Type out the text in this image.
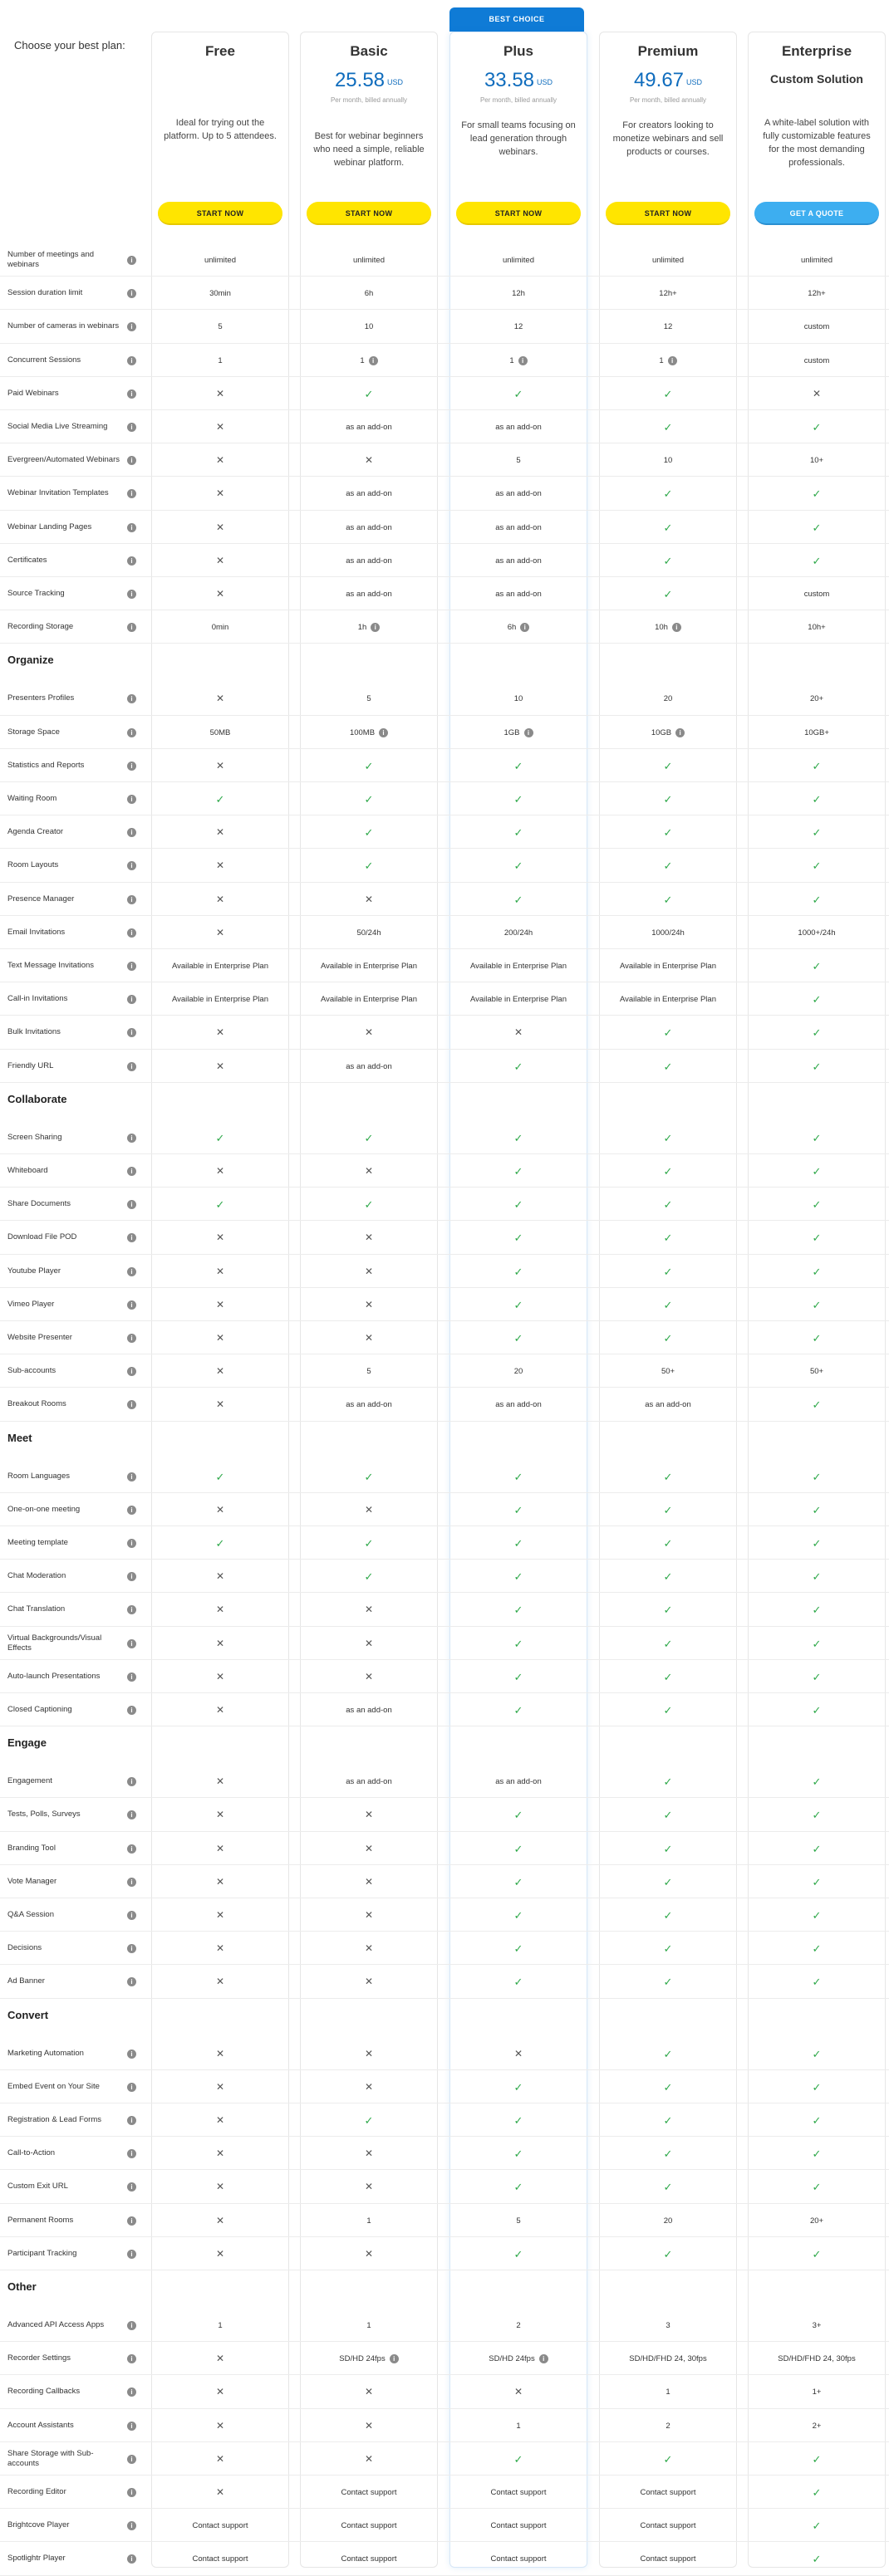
Choose your best plan:
BEST CHOICE
Free
Ideal for trying out the platform. Up to 5 attendees.
START NOW
Basic
25.58 USD
Per month, billed annually
Best for webinar beginners who need a simple, reliable webinar platform.
START NOW
Plus
33.58 USD
Per month, billed annually
For small teams focusing on lead generation through webinars.
START NOW
Premium
49.67 USD
Per month, billed annually
For creators looking to monetize webinars and sell products or courses.
START NOW
Enterprise
Custom Solution
A white-label solution with fully customizable features for the most demanding professionals.
GET A QUOTE
Number of meetings and webinars	i	unlimited	unlimited	unlimited	unlimited	unlimited
Session duration limit	i	30min	6h	12h	12h+	12h+
Number of cameras in webinars	i	5	10	12	12	custom
Concurrent Sessions	i	1	1	i	1	i	1	i	custom
Paid Webinars	i	✕	✓	✓	✓	✕
Social Media Live Streaming	i	✕	as an add-on	as an add-on	✓	✓
Evergreen/Automated Webinars	i	✕	✕	5	10	10+
Webinar Invitation Templates	i	✕	as an add-on	as an add-on	✓	✓
Webinar Landing Pages	i	✕	as an add-on	as an add-on	✓	✓
Certificates	i	✕	as an add-on	as an add-on	✓	✓
Source Tracking	i	✕	as an add-on	as an add-on	✓	custom
Recording Storage	i	0min	1h	i	6h	i	10h	i	10h+
Organize
Presenters Profiles	i	✕	5	10	20	20+
Storage Space	i	50MB	100MB	i	1GB	i	10GB	i	10GB+
Statistics and Reports	i	✕	✓	✓	✓	✓
Waiting Room	i	✓	✓	✓	✓	✓
Agenda Creator	i	✕	✓	✓	✓	✓
Room Layouts	i	✕	✓	✓	✓	✓
Presence Manager	i	✕	✕	✓	✓	✓
Email Invitations	i	✕	50/24h	200/24h	1000/24h	1000+/24h
Text Message Invitations	i	Available in Enterprise Plan	Available in Enterprise Plan	Available in Enterprise Plan	Available in Enterprise Plan	✓
Call-in Invitations	i	Available in Enterprise Plan	Available in Enterprise Plan	Available in Enterprise Plan	Available in Enterprise Plan	✓
Bulk Invitations	i	✕	✕	✕	✓	✓
Friendly URL	i	✕	as an add-on	✓	✓	✓
Collaborate
Screen Sharing	i	✓	✓	✓	✓	✓
Whiteboard	i	✕	✕	✓	✓	✓
Share Documents	i	✓	✓	✓	✓	✓
Download File POD	i	✕	✕	✓	✓	✓
Youtube Player	i	✕	✕	✓	✓	✓
Vimeo Player	i	✕	✕	✓	✓	✓
Website Presenter	i	✕	✕	✓	✓	✓
Sub-accounts	i	✕	5	20	50+	50+
Breakout Rooms	i	✕	as an add-on	as an add-on	as an add-on	✓
Meet
Room Languages	i	✓	✓	✓	✓	✓
One-on-one meeting	i	✕	✕	✓	✓	✓
Meeting template	i	✓	✓	✓	✓	✓
Chat Moderation	i	✕	✓	✓	✓	✓
Chat Translation	i	✕	✕	✓	✓	✓
Virtual Backgrounds/Visual Effects	i	✕	✕	✓	✓	✓
Auto-launch Presentations	i	✕	✕	✓	✓	✓
Closed Captioning	i	✕	as an add-on	✓	✓	✓
Engage
Engagement	i	✕	as an add-on	as an add-on	✓	✓
Tests, Polls, Surveys	i	✕	✕	✓	✓	✓
Branding Tool	i	✕	✕	✓	✓	✓
Vote Manager	i	✕	✕	✓	✓	✓
Q&A Session	i	✕	✕	✓	✓	✓
Decisions	i	✕	✕	✓	✓	✓
Ad Banner	i	✕	✕	✓	✓	✓
Convert
Marketing Automation	i	✕	✕	✕	✓	✓
Embed Event on Your Site	i	✕	✕	✓	✓	✓
Registration & Lead Forms	i	✕	✓	✓	✓	✓
Call-to-Action	i	✕	✕	✓	✓	✓
Custom Exit URL	i	✕	✕	✓	✓	✓
Permanent Rooms	i	✕	1	5	20	20+
Participant Tracking	i	✕	✕	✓	✓	✓
Other
Advanced API Access Apps	i	1	1	2	3	3+
Recorder Settings	i	✕	SD/HD 24fps	i	SD/HD 24fps	i	SD/HD/FHD 24, 30fps	SD/HD/FHD 24, 30fps
Recording Callbacks	i	✕	✕	✕	1	1+
Account Assistants	i	✕	✕	1	2	2+
Share Storage with Sub-accounts	i	✕	✕	✓	✓	✓
Recording Editor	i	✕	Contact support	Contact support	Contact support	✓
Brightcove Player	i	Contact support	Contact support	Contact support	Contact support	✓
Spotlightr Player	i	Contact support	Contact support	Contact support	Contact support	✓
